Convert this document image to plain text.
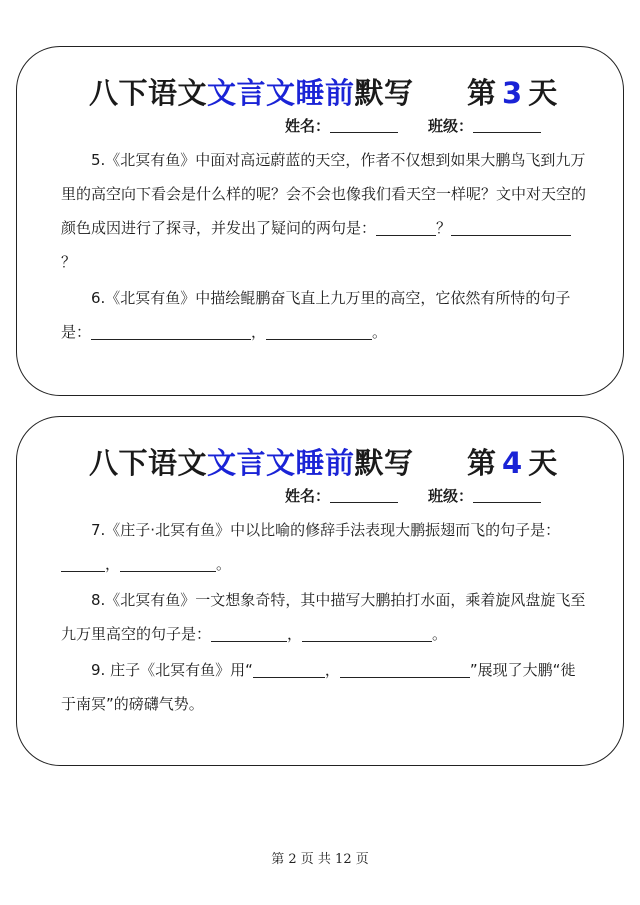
八下语文文言文睡前默写 第 3 天
姓名：	班级：

5.《北冥有鱼》中面对高远蔚蓝的天空，作者不仅想到如果大鹏鸟飞到九万里的高空向下看会是什么样的呢？会不会也像我们看天空一样呢？文中对天空的颜色成因进行了探寻，并发出了疑问的两句是：	？？

6.《北冥有鱼》中描绘鲲鹏奋飞直上九万里的高空，它依然有所恃的句子是：	，	。

八下语文文言文睡前默写 第 4 天
姓名：	班级：

7.《庄子·北冥有鱼》中以比喻的修辞手法表现大鹏振翅而飞的句子是：，	。

8.《北冥有鱼》一文想象奇特，其中描写大鹏拍打水面，乘着旋风盘旋飞至九万里高空的句子是：	，	。

9. 庄子《北冥有鱼》用“	，	”展现了大鹏“徙于南冥”的磅礴气势。

第 2 页 共 12 页
